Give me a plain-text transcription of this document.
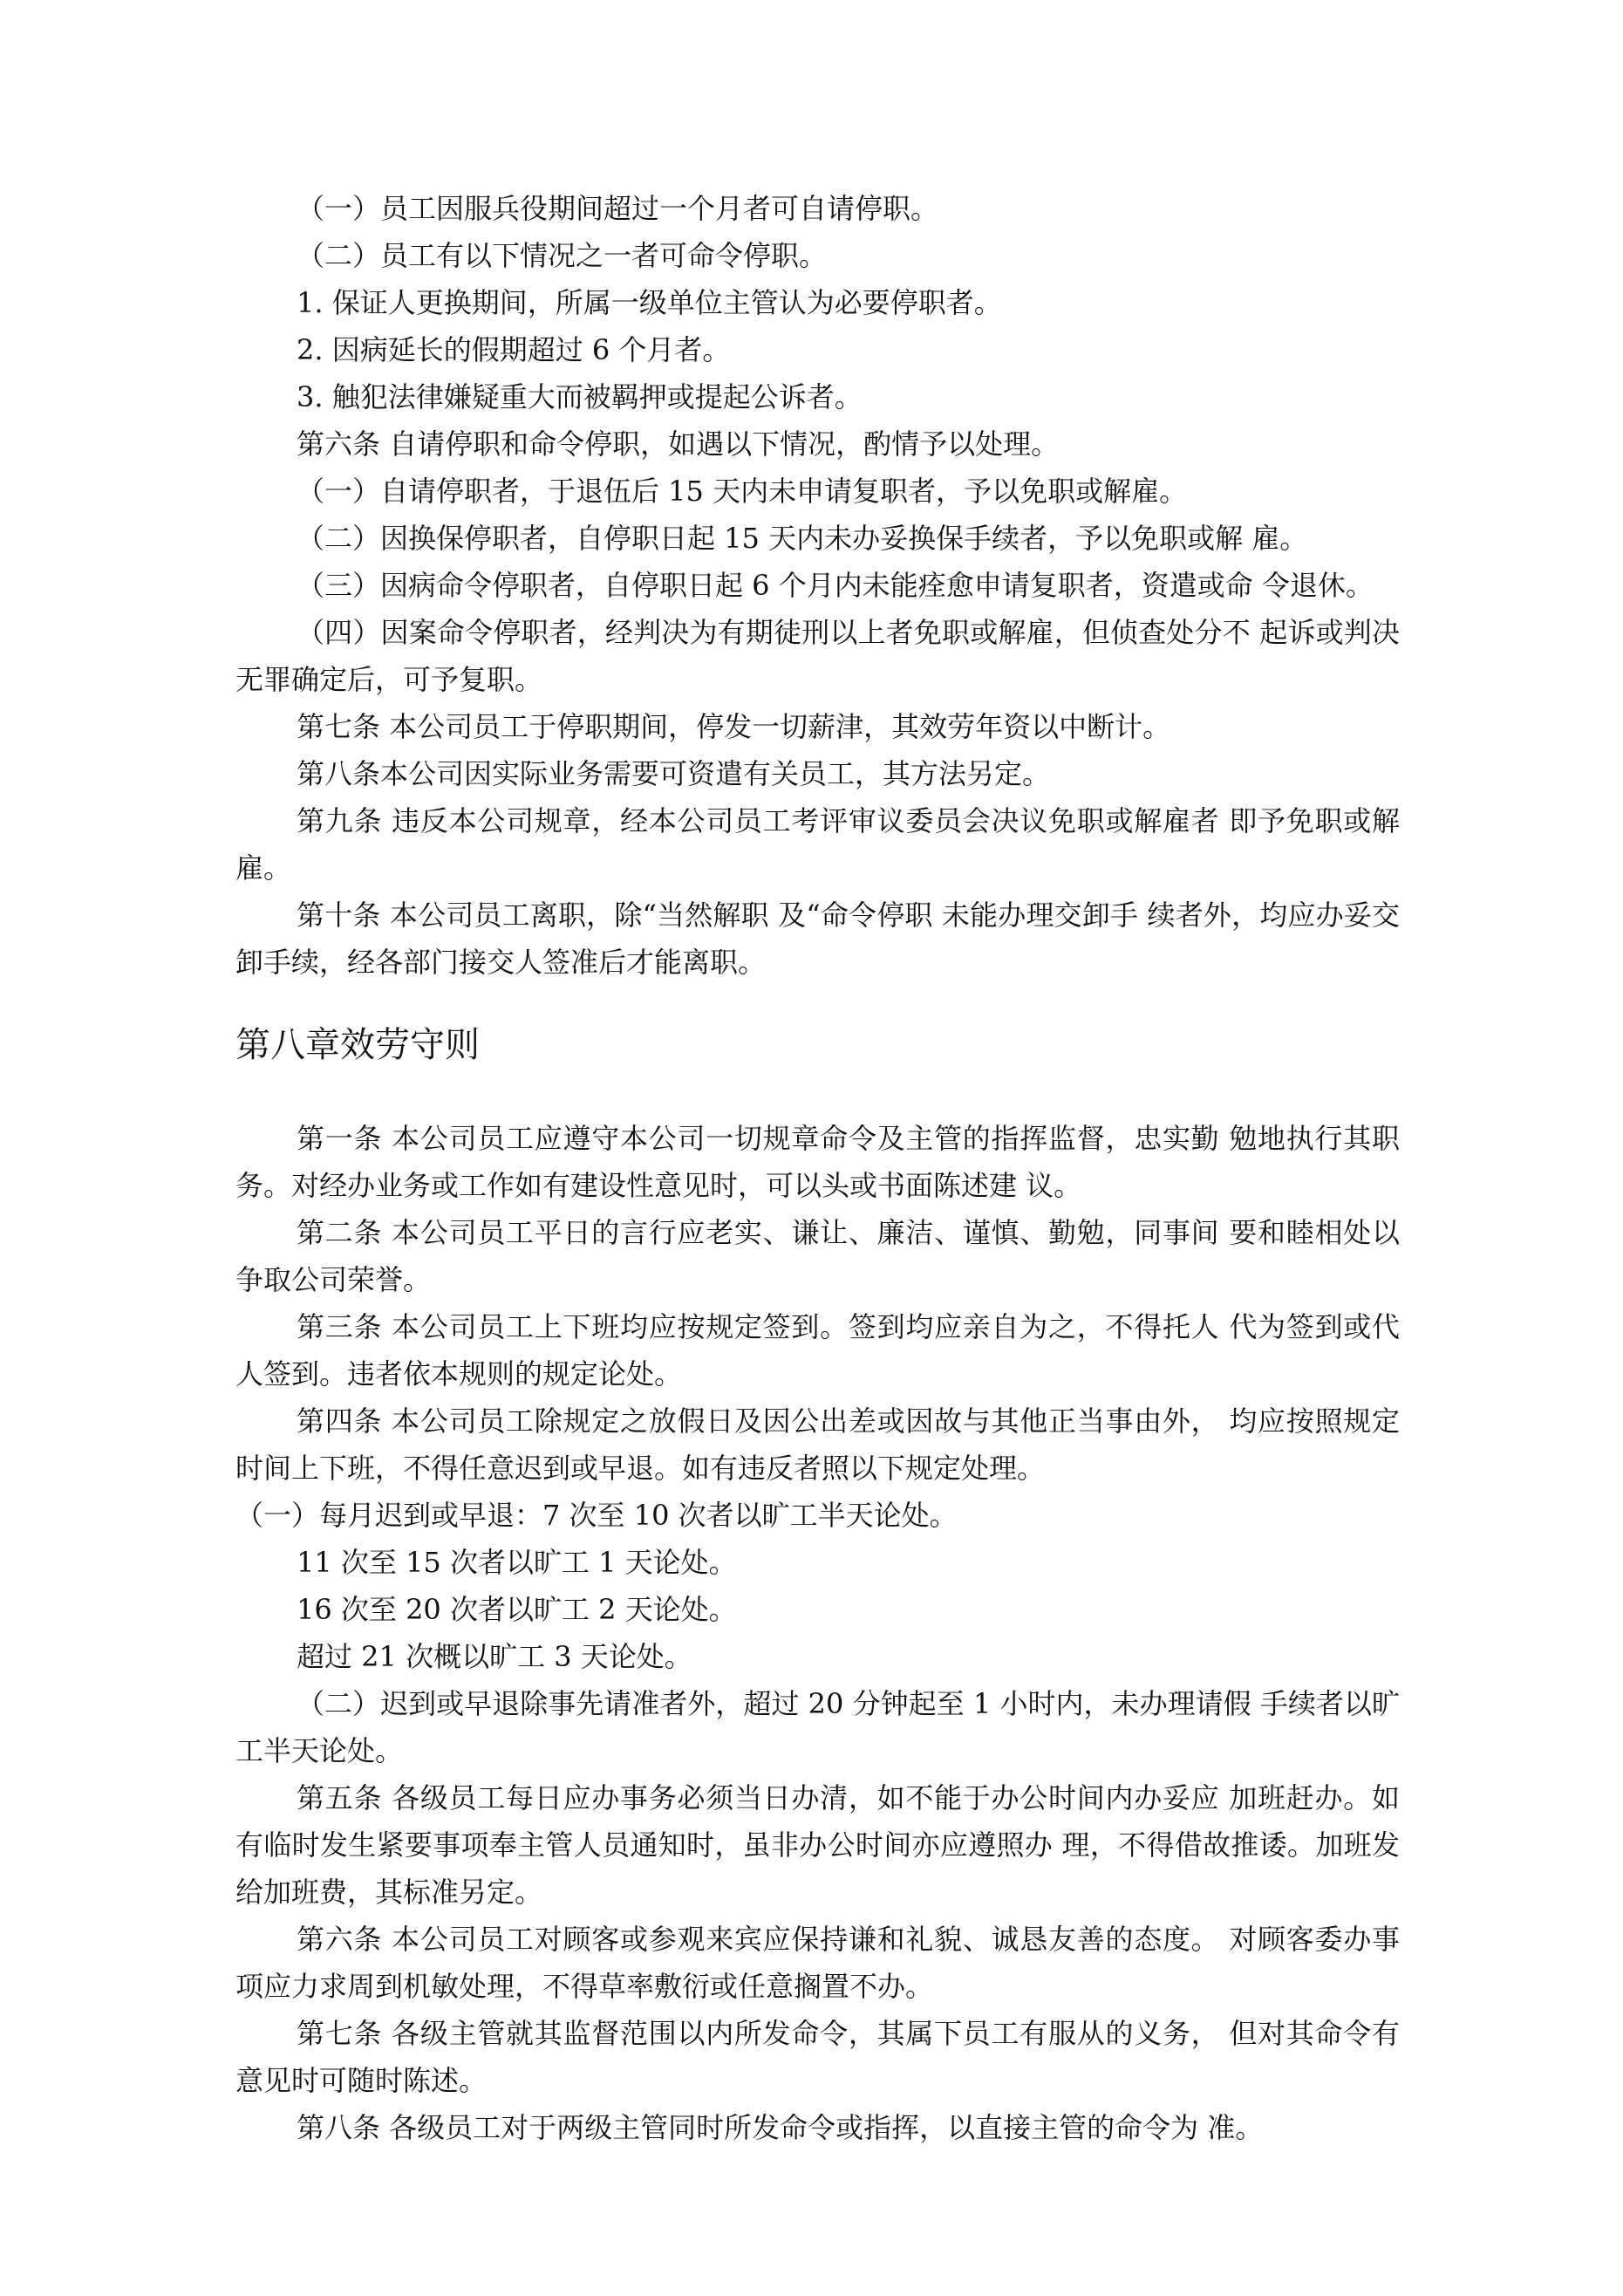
（一）员工因服兵役期间超过一个月者可自请停职。

（二）员工有以下情况之一者可命令停职。

1. 保证人更换期间，所属一级单位主管认为必要停职者。

2. 因病延长的假期超过 6 个月者。

3. 触犯法律嫌疑重大而被羁押或提起公诉者。

第六条 自请停职和命令停职，如遇以下情况，酌情予以处理。

（一）自请停职者，于退伍后 15 天内未申请复职者，予以免职或解雇。

（二）因换保停职者，自停职日起 15 天内未办妥换保手续者，予以免职或解 雇。

（三）因病命令停职者，自停职日起 6 个月内未能痊愈申请复职者，资遣或命 令退休。

（四）因案命令停职者，经判决为有期徒刑以上者免职或解雇，但侦查处分不 起诉或判决无罪确定后，可予复职。

第七条 本公司员工于停职期间，停发一切薪津，其效劳年资以中断计。

第八条本公司因实际业务需要可资遣有关员工，其方法另定。

第九条 违反本公司规章，经本公司员工考评审议委员会决议免职或解雇者 即予免职或解雇。

第十条 本公司员工离职，除“当然解职 及“命令停职 未能办理交卸手 续者外，均应办妥交卸手续，经各部门接交人签准后才能离职。

第八章效劳守则

第一条 本公司员工应遵守本公司一切规章命令及主管的指挥监督，忠实勤 勉地执行其职务。对经办业务或工作如有建设性意见时，可以头或书面陈述建 议。

第二条 本公司员工平日的言行应老实、谦让、廉洁、谨慎、勤勉，同事间 要和睦相处以争取公司荣誉。

第三条 本公司员工上下班均应按规定签到。签到均应亲自为之，不得托人 代为签到或代人签到。违者依本规则的规定论处。

第四条 本公司员工除规定之放假日及因公出差或因故与其他正当事由外， 均应按照规定时间上下班，不得任意迟到或早退。如有违反者照以下规定处理。

（一）每月迟到或早退：7 次至 10 次者以旷工半天论处。

11 次至 15 次者以旷工 1 天论处。

16 次至 20 次者以旷工 2 天论处。

超过 21 次概以旷工 3 天论处。

（二）迟到或早退除事先请准者外，超过 20 分钟起至 1 小时内，未办理请假 手续者以旷工半天论处。

第五条 各级员工每日应办事务必须当日办清，如不能于办公时间内办妥应 加班赶办。如有临时发生紧要事项奉主管人员通知时，虽非办公时间亦应遵照办 理，不得借故推诿。加班发给加班费，其标准另定。

第六条 本公司员工对顾客或参观来宾应保持谦和礼貌、诚恳友善的态度。 对顾客委办事项应力求周到机敏处理，不得草率敷衍或任意搁置不办。

第七条 各级主管就其监督范围以内所发命令，其属下员工有服从的义务， 但对其命令有意见时可随时陈述。

第八条 各级员工对于两级主管同时所发命令或指挥，以直接主管的命令为 准。
